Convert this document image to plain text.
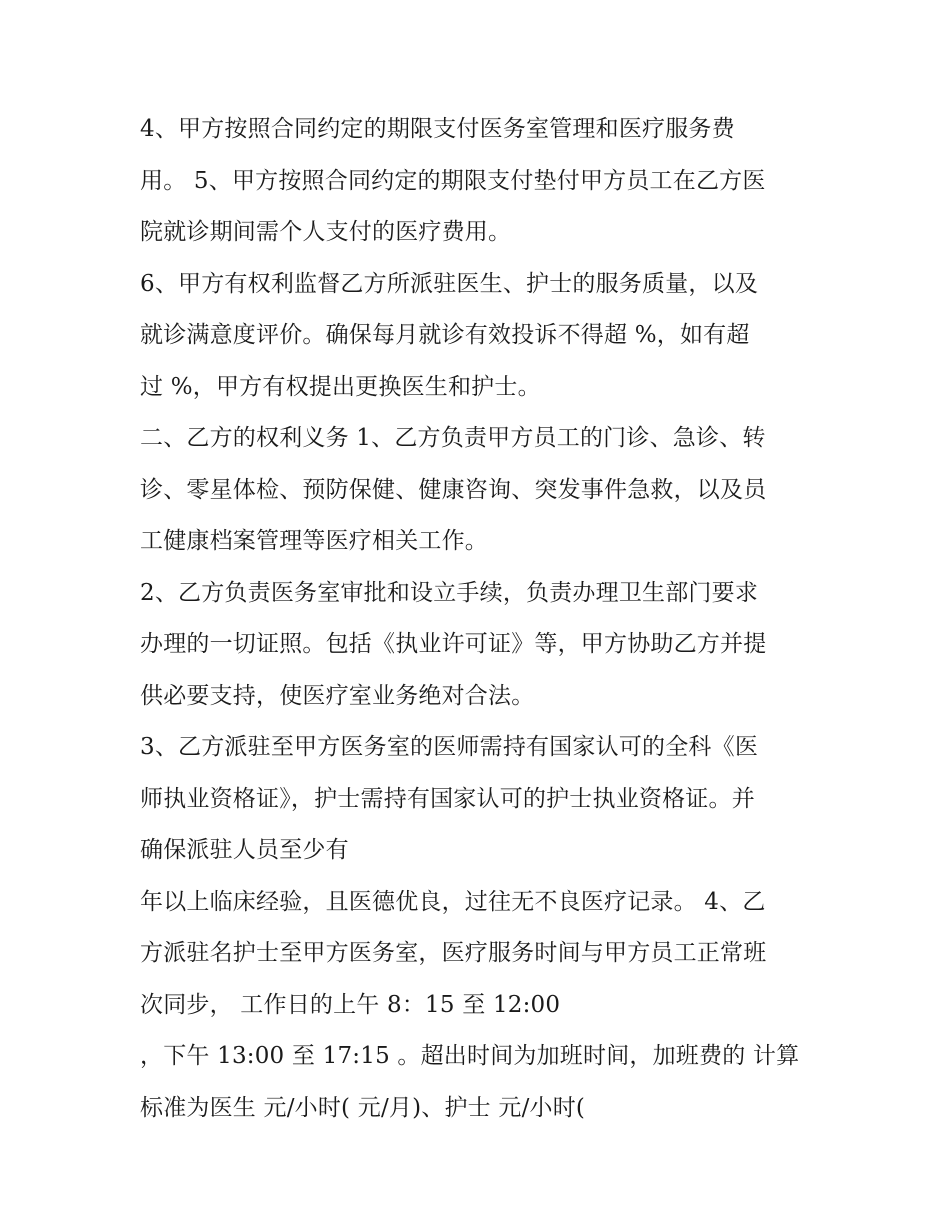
4、甲方按照合同约定的期限支付医务室管理和医疗服务费
用。 5、甲方按照合同约定的期限支付垫付甲方员工在乙方医
院就诊期间需个人支付的医疗费用。
6、甲方有权利监督乙方所派驻医生、护士的服务质量，以及
就诊满意度评价。确保每月就诊有效投诉不得超 %，如有超
过 %，甲方有权提出更换医生和护士。
二、乙方的权利义务 1、乙方负责甲方员工的门诊、急诊、转
诊、零星体检、预防保健、健康咨询、突发事件急救，以及员
工健康档案管理等医疗相关工作。
2、乙方负责医务室审批和设立手续，负责办理卫生部门要求
办理的一切证照。包括《执业许可证》等，甲方协助乙方并提
供必要支持，使医疗室业务绝对合法。
3、乙方派驻至甲方医务室的医师需持有国家认可的全科《医
师执业资格证》，护士需持有国家认可的护士执业资格证。并
确保派驻人员至少有
年以上临床经验，且医德优良，过往无不良医疗记录。 4、乙
方派驻名护士至甲方医务室，医疗服务时间与甲方员工正常班
次同步， 工作日的上午 8：15 至 12:00
，下午 13:00 至 17:15 。超出时间为加班时间，加班费的 计算
标准为医生 元/小时( 元/月)、护士 元/小时(
